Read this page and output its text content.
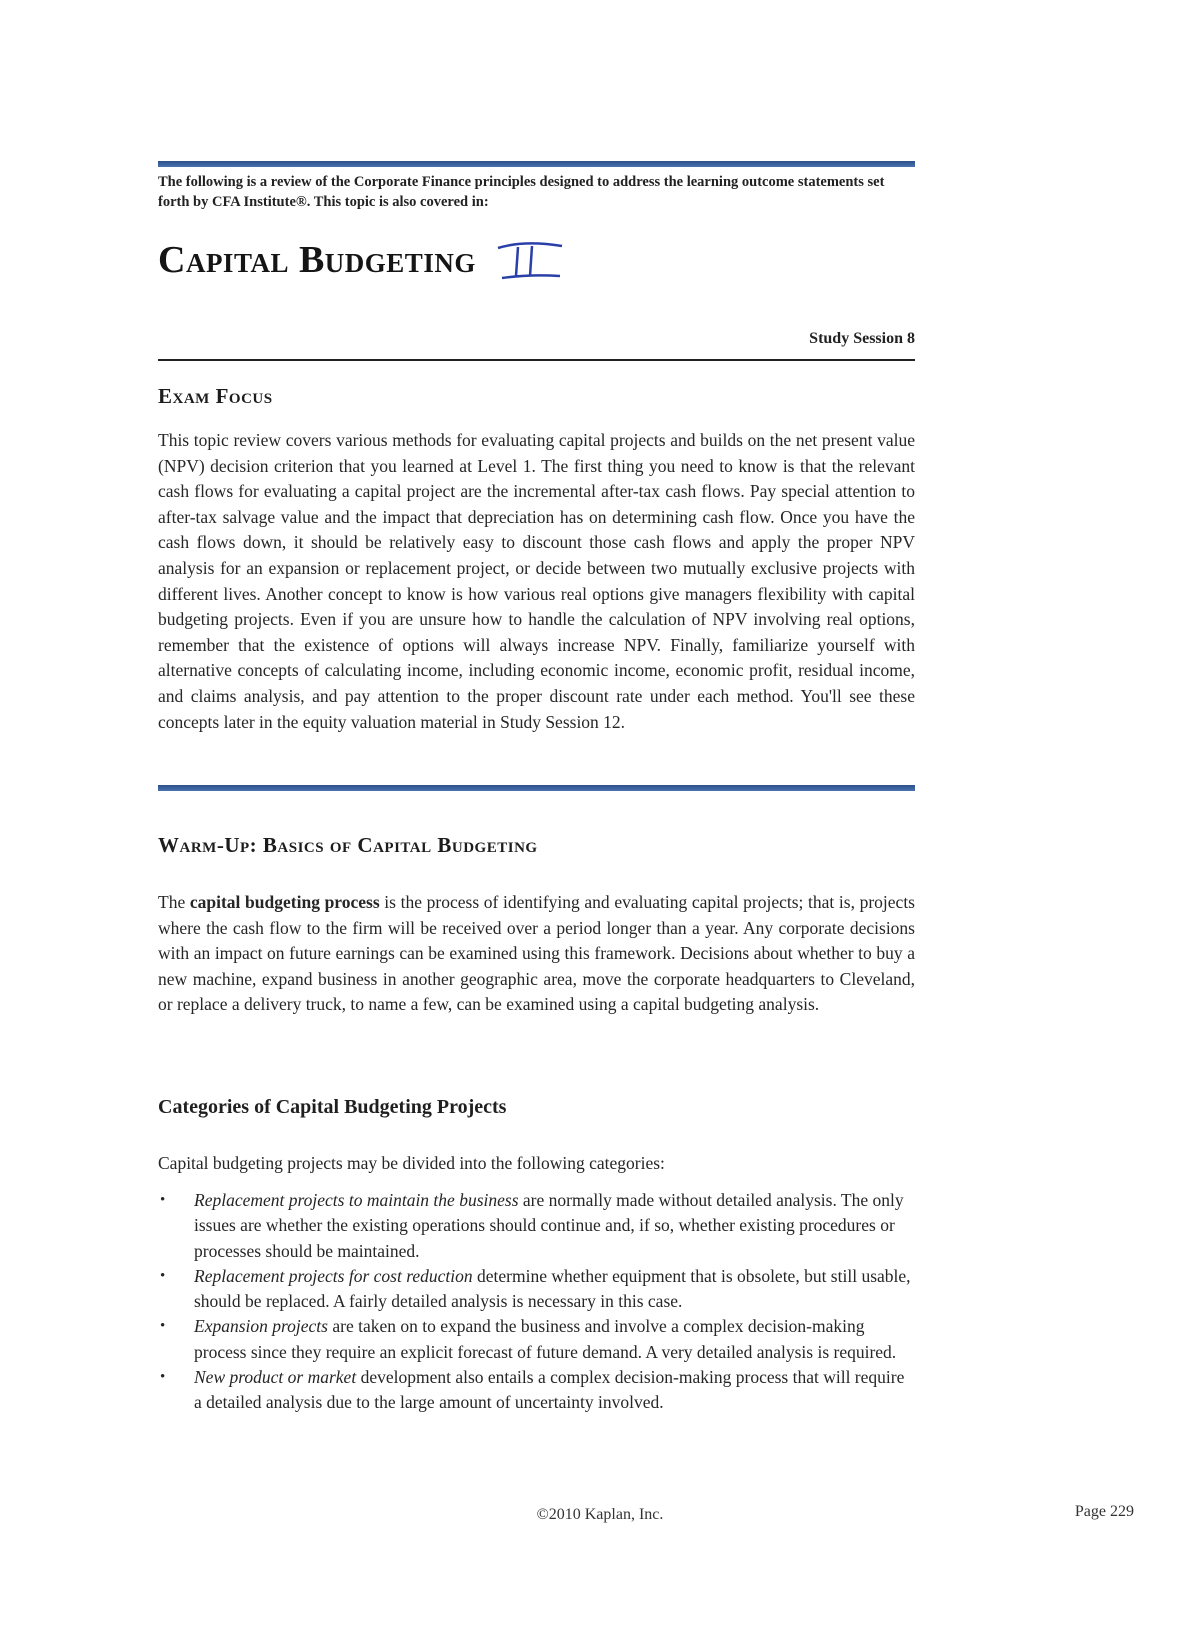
The following is a review of the Corporate Finance principles designed to address the learning outcome statements set forth by CFA Institute®. This topic is also covered in:
Capital Budgeting
Study Session 8
Exam Focus
This topic review covers various methods for evaluating capital projects and builds on the net present value (NPV) decision criterion that you learned at Level 1. The first thing you need to know is that the relevant cash flows for evaluating a capital project are the incremental after-tax cash flows. Pay special attention to after-tax salvage value and the impact that depreciation has on determining cash flow. Once you have the cash flows down, it should be relatively easy to discount those cash flows and apply the proper NPV analysis for an expansion or replacement project, or decide between two mutually exclusive projects with different lives. Another concept to know is how various real options give managers flexibility with capital budgeting projects. Even if you are unsure how to handle the calculation of NPV involving real options, remember that the existence of options will always increase NPV. Finally, familiarize yourself with alternative concepts of calculating income, including economic income, economic profit, residual income, and claims analysis, and pay attention to the proper discount rate under each method. You'll see these concepts later in the equity valuation material in Study Session 12.
Warm-Up: Basics of Capital Budgeting
The capital budgeting process is the process of identifying and evaluating capital projects; that is, projects where the cash flow to the firm will be received over a period longer than a year. Any corporate decisions with an impact on future earnings can be examined using this framework. Decisions about whether to buy a new machine, expand business in another geographic area, move the corporate headquarters to Cleveland, or replace a delivery truck, to name a few, can be examined using a capital budgeting analysis.
Categories of Capital Budgeting Projects
Capital budgeting projects may be divided into the following categories:
• Replacement projects to maintain the business are normally made without detailed analysis. The only issues are whether the existing operations should continue and, if so, whether existing procedures or processes should be maintained.
• Replacement projects for cost reduction determine whether equipment that is obsolete, but still usable, should be replaced. A fairly detailed analysis is necessary in this case.
• Expansion projects are taken on to expand the business and involve a complex decision-making process since they require an explicit forecast of future demand. A very detailed analysis is required.
• New product or market development also entails a complex decision-making process that will require a detailed analysis due to the large amount of uncertainty involved.
©2010 Kaplan, Inc.	Page 229
